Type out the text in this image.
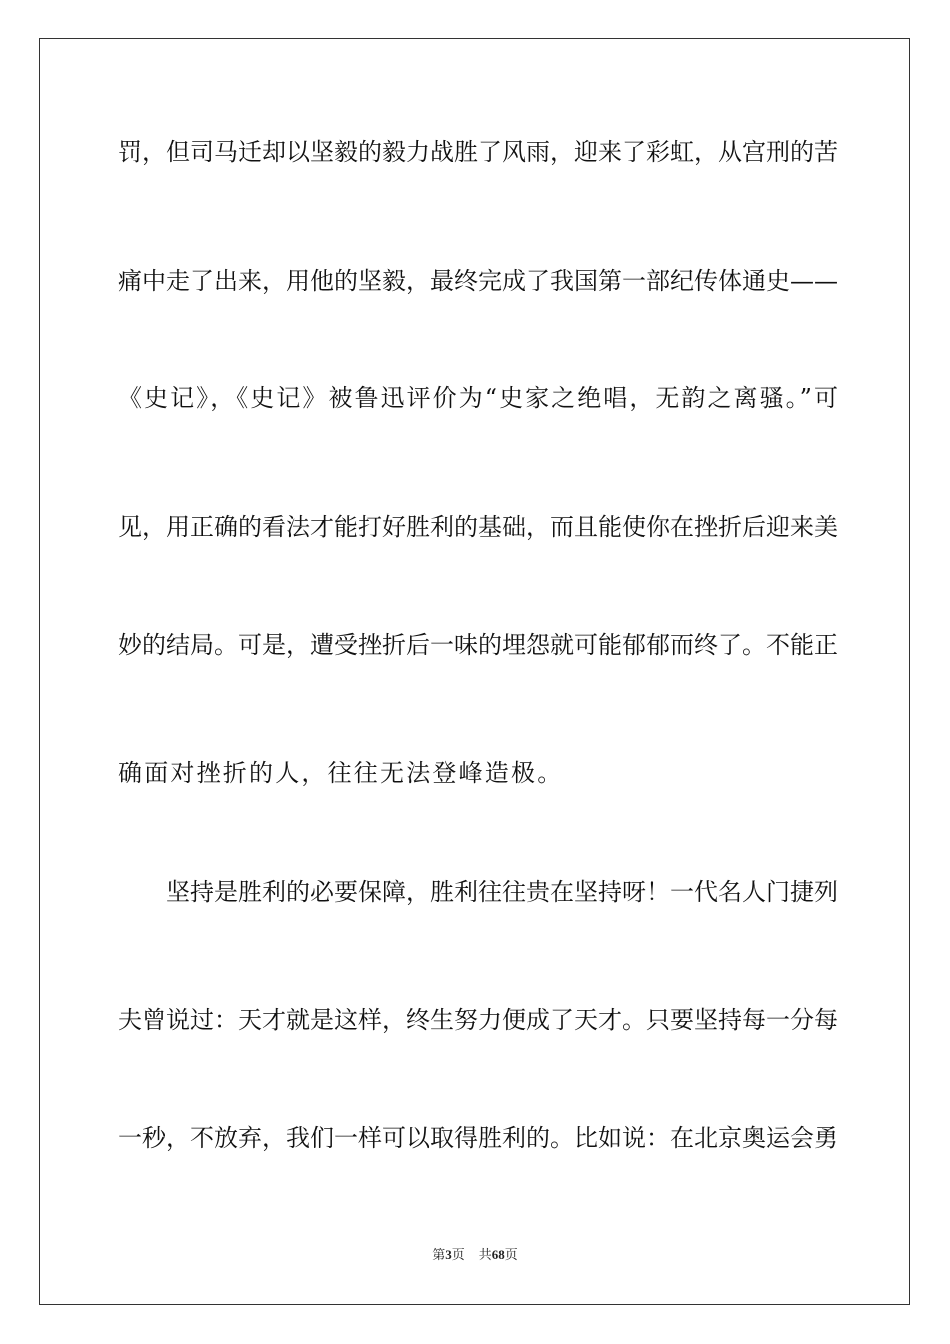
罚，但司马迁却以坚毅的毅力战胜了风雨，迎来了彩虹，从宫刑的苦
痛中走了出来，用他的坚毅，最终完成了我国第一部纪传体通史——
《史记》，《史记》被鲁迅评价为“史家之绝唱，无韵之离骚。”可
见，用正确的看法才能打好胜利的基础，而且能使你在挫折后迎来美
妙的结局。可是，遭受挫折后一味的埋怨就可能郁郁而终了。不能正
确面对挫折的人，往往无法登峰造极。
坚持是胜利的必要保障，胜利往往贵在坚持呀！一代名人门捷列
夫曾说过：天才就是这样，终生努力便成了天才。只要坚持每一分每
一秒，不放弃，我们一样可以取得胜利的。比如说：在北京奥运会勇
第3页 共68页
